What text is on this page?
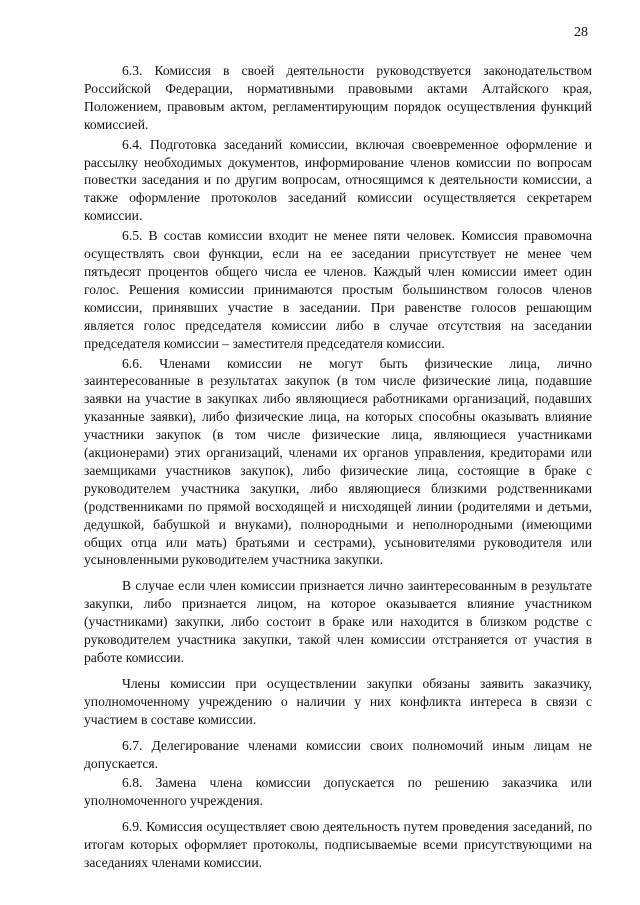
28

6.3. Комиссия в своей деятельности руководствуется законодательством Российской Федерации, нормативными правовыми актами Алтайского края, Положением, правовым актом, регламентирующим порядок осуществления функций комиссией.

6.4. Подготовка заседаний комиссии, включая своевременное оформление и рассылку необходимых документов, информирование членов комиссии по вопросам повестки заседания и по другим вопросам, относящимся к деятельности комиссии, а также оформление протоколов заседаний комиссии осуществляется секретарем комиссии.

6.5. В состав комиссии входит не менее пяти человек. Комиссия правомочна осуществлять свои функции, если на ее заседании присутствует не менее чем пятьдесят процентов общего числа ее членов. Каждый член комиссии имеет один голос. Решения комиссии принимаются простым большинством голосов членов комиссии, принявших участие в заседании. При равенстве голосов решающим является голос председателя комиссии либо в случае отсутствия на заседании председателя комиссии – заместителя председателя комиссии.

6.6. Членами комиссии не могут быть физические лица, лично заинтересованные в результатах закупок (в том числе физические лица, подавшие заявки на участие в закупках либо являющиеся работниками организаций, подавших указанные заявки), либо физические лица, на которых способны оказывать влияние участники закупок (в том числе физические лица, являющиеся участниками (акционерами) этих организаций, членами их органов управления, кредиторами или заемщиками участников закупок), либо физические лица, состоящие в браке с руководителем участника закупки, либо являющиеся близкими родственниками (родственниками по прямой восходящей и нисходящей линии (родителями и детьми, дедушкой, бабушкой и внуками), полнородными и неполнородными (имеющими общих отца или мать) братьями и сестрами), усыновителями руководителя или усыновленными руководителем участника закупки.

В случае если член комиссии признается лично заинтересованным в результате закупки, либо признается лицом, на которое оказывается влияние участником (участниками) закупки, либо состоит в браке или находится в близком родстве с руководителем участника закупки, такой член комиссии отстраняется от участия в работе комиссии.

Члены комиссии при осуществлении закупки обязаны заявить заказчику, уполномоченному учреждению о наличии у них конфликта интереса в связи с участием в составе комиссии.

6.7. Делегирование членами комиссии своих полномочий иным лицам не допускается.

6.8. Замена члена комиссии допускается по решению заказчика или уполномоченного учреждения.

6.9. Комиссия осуществляет свою деятельность путем проведения заседаний, по итогам которых оформляет протоколы, подписываемые всеми присутствующими на заседаниях членами комиссии.
